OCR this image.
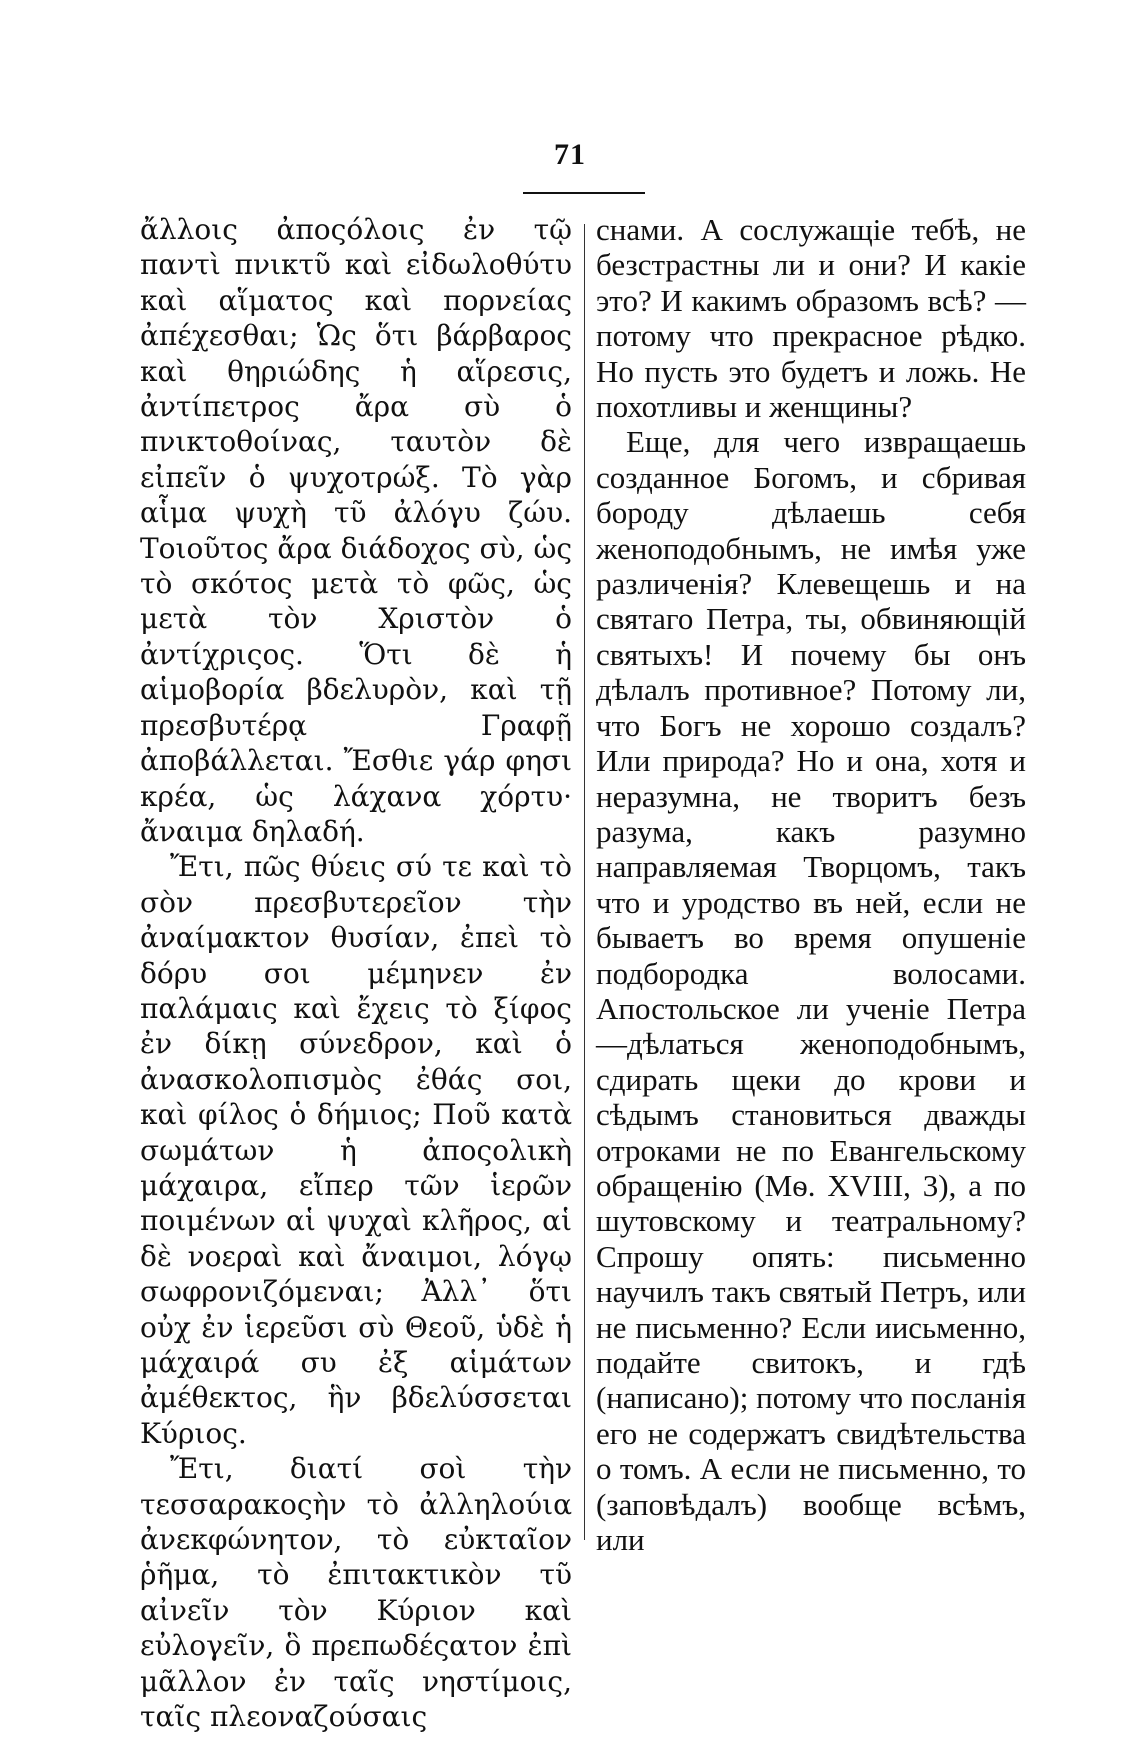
71

ἄλλοις ἀποςόλοις ἐν τῷ παντὶ πνικτῦ καὶ εἰδωλοθύτυ καὶ αἵματος καὶ πορνείας ἀπέχεσθαι; Ὡς ὅτι βάρβαρος καὶ θηριώδης ἡ αἵρεσις, ἀντίπετρος ἄρα σὺ ὁ πνικτοθοίνας, ταυτὸν δὲ εἰπεῖν ὁ ψυχοτρώξ. Τὸ γὰρ αἷμα ψυχὴ τῦ ἀλόγυ ζώυ. Τοιοῦτος ἄρα διάδοχος σὺ, ὡς τὸ σκότος μετὰ τὸ φῶς, ὡς μετὰ τὸν Χριστὸν ὁ ἀντίχριςος. Ὅτι δὲ ἡ αἱμοβορία βδελυρὸν, καὶ τῇ πρεσβυτέρᾳ Γραφῇ ἀποβάλλεται. Ἔσθιε γάρ φησι κρέα, ὡς λάχανα χόρτυ· ἄναιμα δηλαδή.

Ἔτι, πῶς θύεις σύ τε καὶ τὸ σὸν πρεσβυτερεῖον τὴν ἀναίμακτον θυσίαν, ἐπεὶ τὸ δόρυ σοι μέμηνεν ἐν παλάμαις καὶ ἔχεις τὸ ξίφος ἐν δίκῃ σύνεδρον, καὶ ὁ ἀνασκολοπισμὸς ἐθάς σοι, καὶ φίλος ὁ δήμιος; Ποῦ κατὰ σωμάτων ἡ ἀποςολικὴ μάχαιρα, εἴπερ τῶν ἱερῶν ποιμένων αἱ ψυχαὶ κλῆρος, αἱ δὲ νοεραὶ καὶ ἄναιμοι, λόγῳ σωφρονιζόμεναι; Ἀλλ᾽ ὅτι οὐχ ἐν ἱερεῦσι σὺ Θεοῦ, ὑδὲ ἡ μάχαιρά συ ἐξ αἱμάτων ἀμέθεκτος, ἣν βδελύσσεται Κύριος.

Ἔτι, διατί σοὶ τὴν τεσσαρακοςὴν τὸ ἀλληλούια ἀνεκφώνητον, τὸ εὐκταῖον ῥῆμα, τὸ ἐπιτακτικὸν τῦ αἰνεῖν τὸν Κύριον καὶ εὐλογεῖν, ὃ πρεπωδέςατον ἐπὶ μᾶλλον ἐν ταῖς νηστίμοις, ταῖς πλεοναζούσαις

снами. А сослужащіе тебѣ, не безстрастны ли и они? И какіе это? И какимъ образомъ всѣ? — потому что прекрасное рѣдко. Но пусть это будетъ и ложь. Не похотливы и женщины?

Еще, для чего извращаешь созданное Богомъ, и сбривая бороду дѣлаешь себя женоподобнымъ, не имѣя уже различенія? Клевещешь и на святаго Петра, ты, обвиняющій святыхъ! И почему бы онъ дѣлалъ противное? Потому ли, что Богъ не хорошо создалъ? Или природа? Но и она, хотя и неразумна, не творитъ безъ разума, какъ разумно направляемая Творцомъ, такъ что и уродство въ ней, если не бываетъ во время опушеніе подбородка волосами. Апостольское ли ученіе Петра—дѣлаться женоподобнымъ, сдирать щеки до крови и сѣдымъ становиться дважды отроками не по Евангельскому обращенію (Мѳ. XVIII, 3), а по шутовскому и театральному? Спрошу опять: письменно научилъ такъ святый Петръ, или не письменно? Если иисьменно, подайте свитокъ, и гдѣ (написано); потому что посланія его не содержатъ свидѣтельства о томъ. А если не письменно, то (заповѣдалъ) вообще всѣмъ, или
